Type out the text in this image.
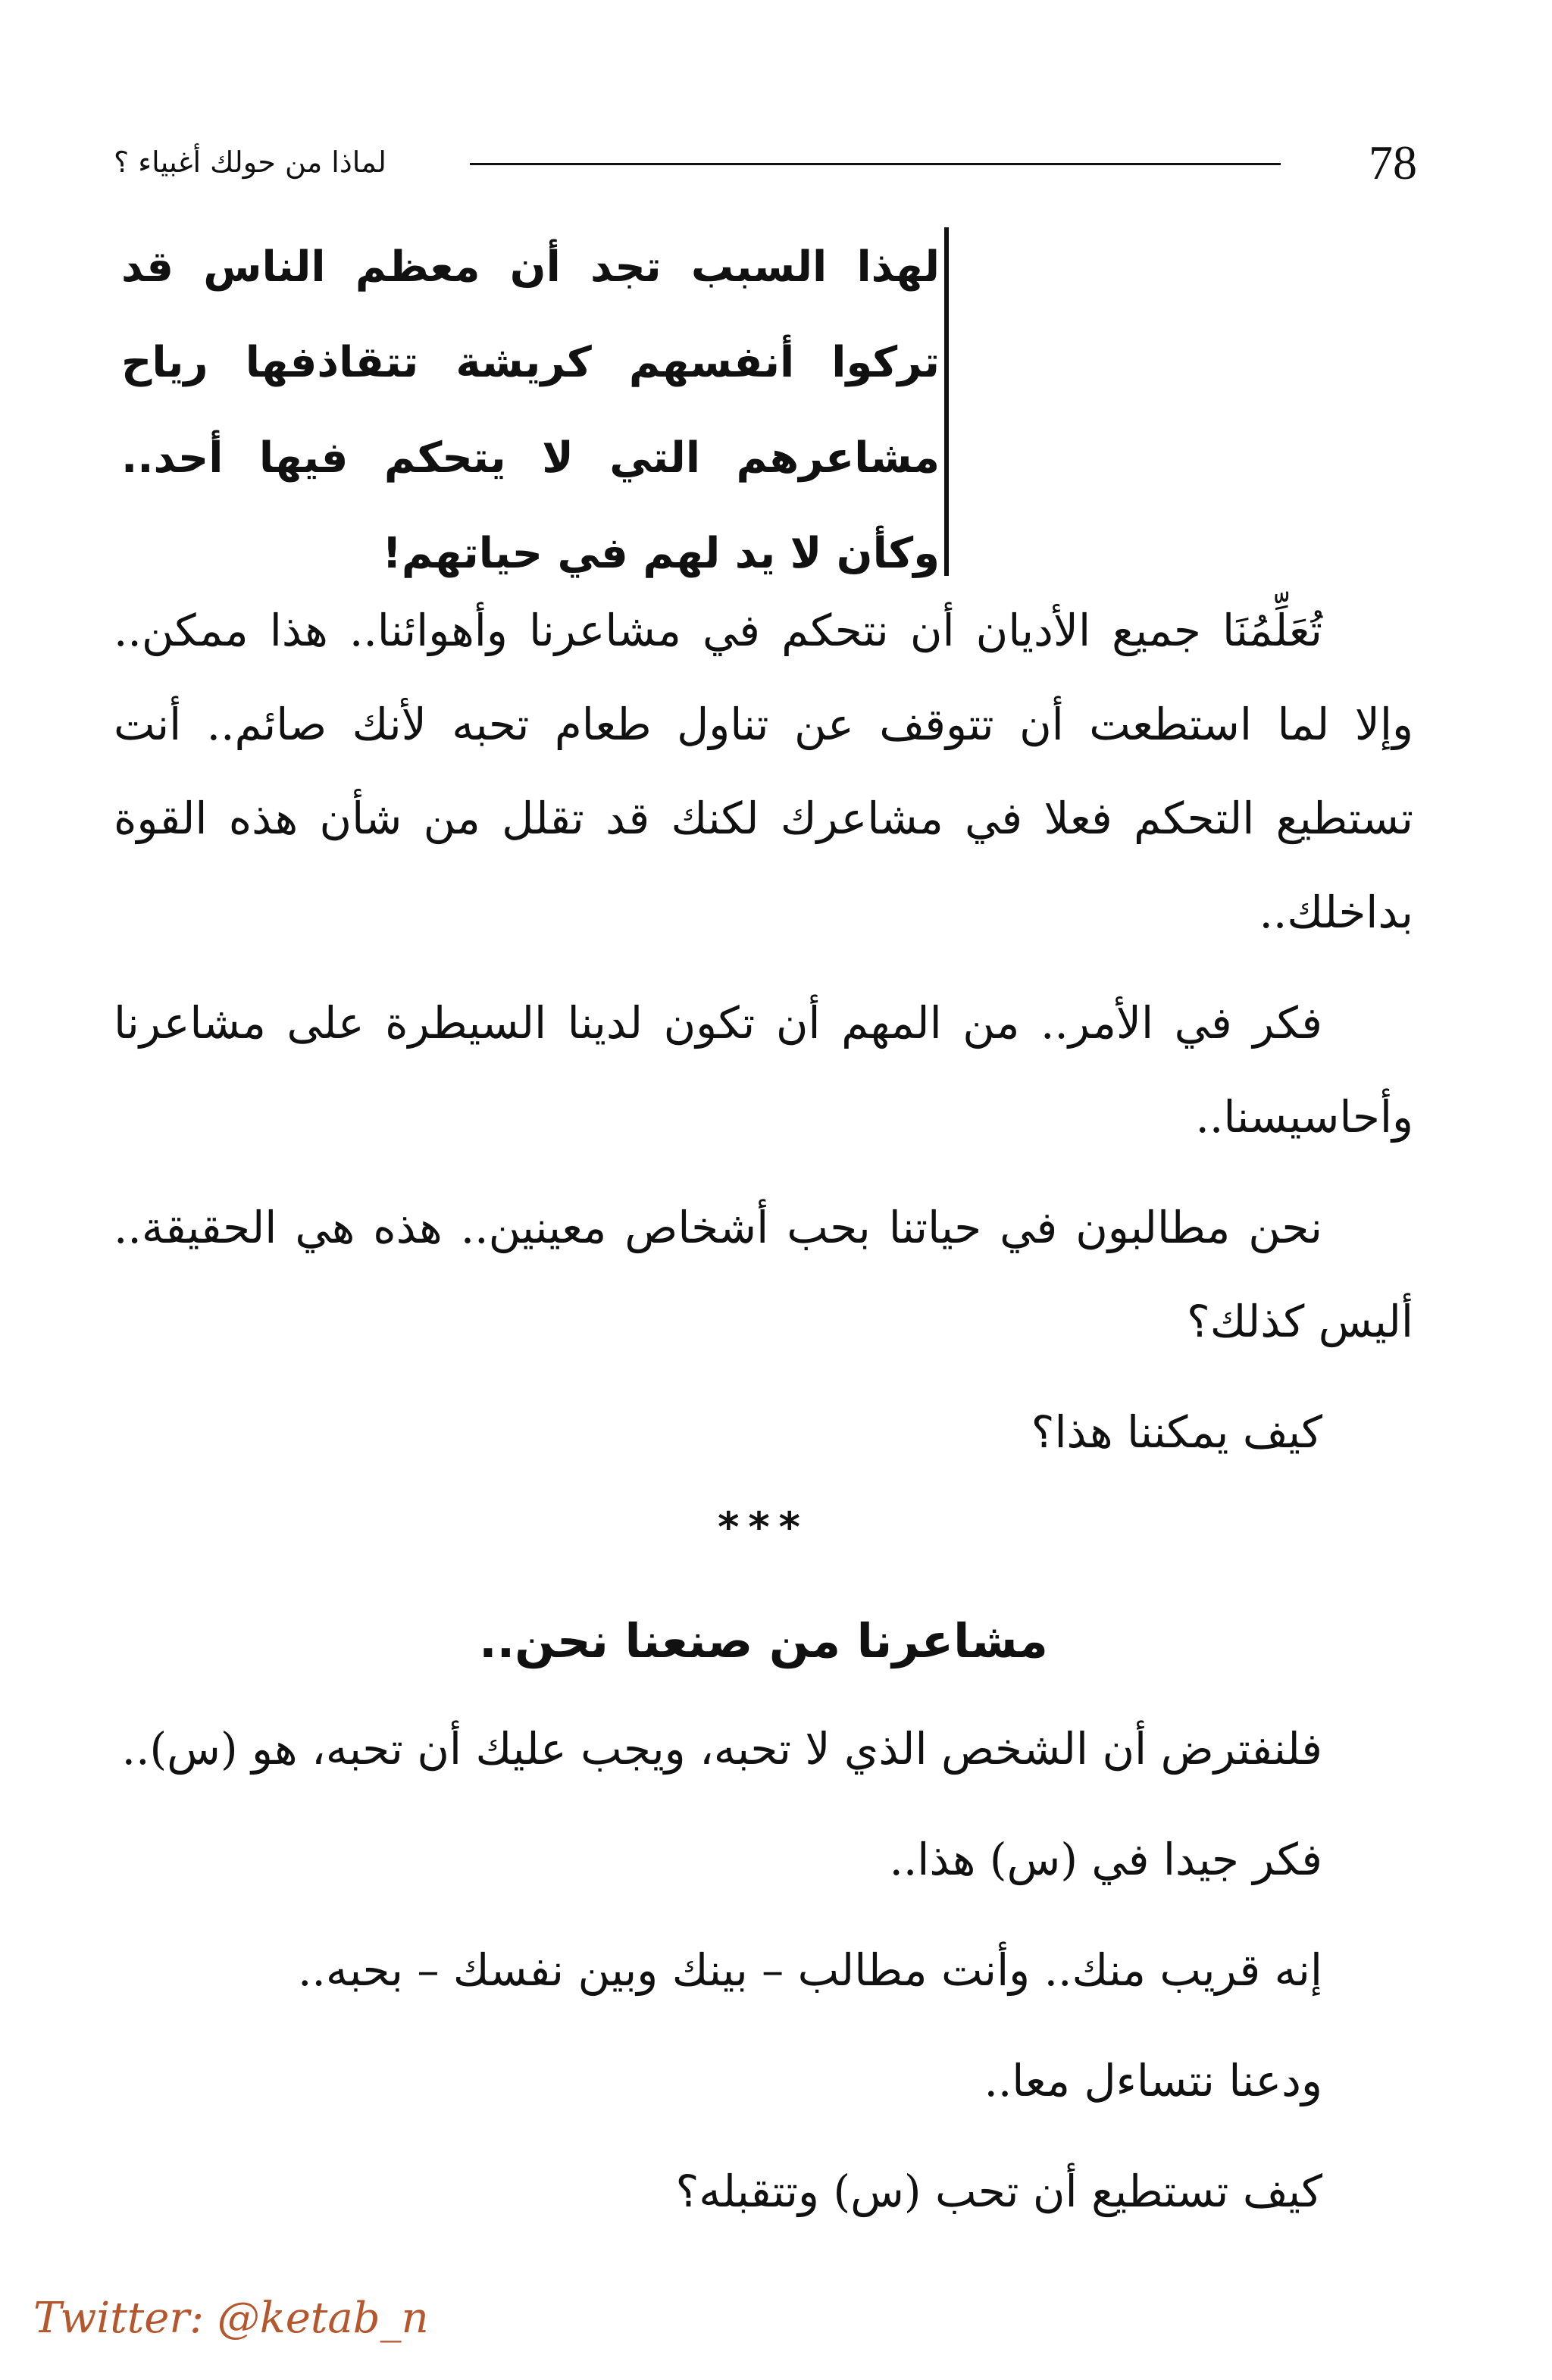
78
لماذا من حولك أغبياء ؟
لهذا السبب تجد أن معظم الناس قد تركوا أنفسهم كريشة تتقاذفها رياح مشاعرهم التي لا يتحكم فيها أحد.. وكأن لا يد لهم في حياتهم!

تُعَلِّمُنَا جميع الأديان أن نتحكم في مشاعرنا وأهوائنا.. هذا ممكن.. وإلا لما استطعت أن تتوقف عن تناول طعام تحبه لأنك صائم.. أنت تستطيع التحكم فعلا في مشاعرك لكنك قد تقلل من شأن هذه القوة بداخلك..

فكر في الأمر.. من المهم أن تكون لدينا السيطرة على مشاعرنا وأحاسيسنا..

نحن مطالبون في حياتنا بحب أشخاص معينين.. هذه هي الحقيقة.. أليس كذلك؟

كيف يمكننا هذا؟

***
مشاعرنا من صنعنا نحن..

فلنفترض أن الشخص الذي لا تحبه، ويجب عليك أن تحبه، هو (س)..

فكر جيدا في (س) هذا..

إنه قريب منك.. وأنت مطالب – بينك وبين نفسك – بحبه..

ودعنا نتساءل معا..

كيف تستطيع أن تحب (س) وتتقبله؟

Twitter: @ketab_n
